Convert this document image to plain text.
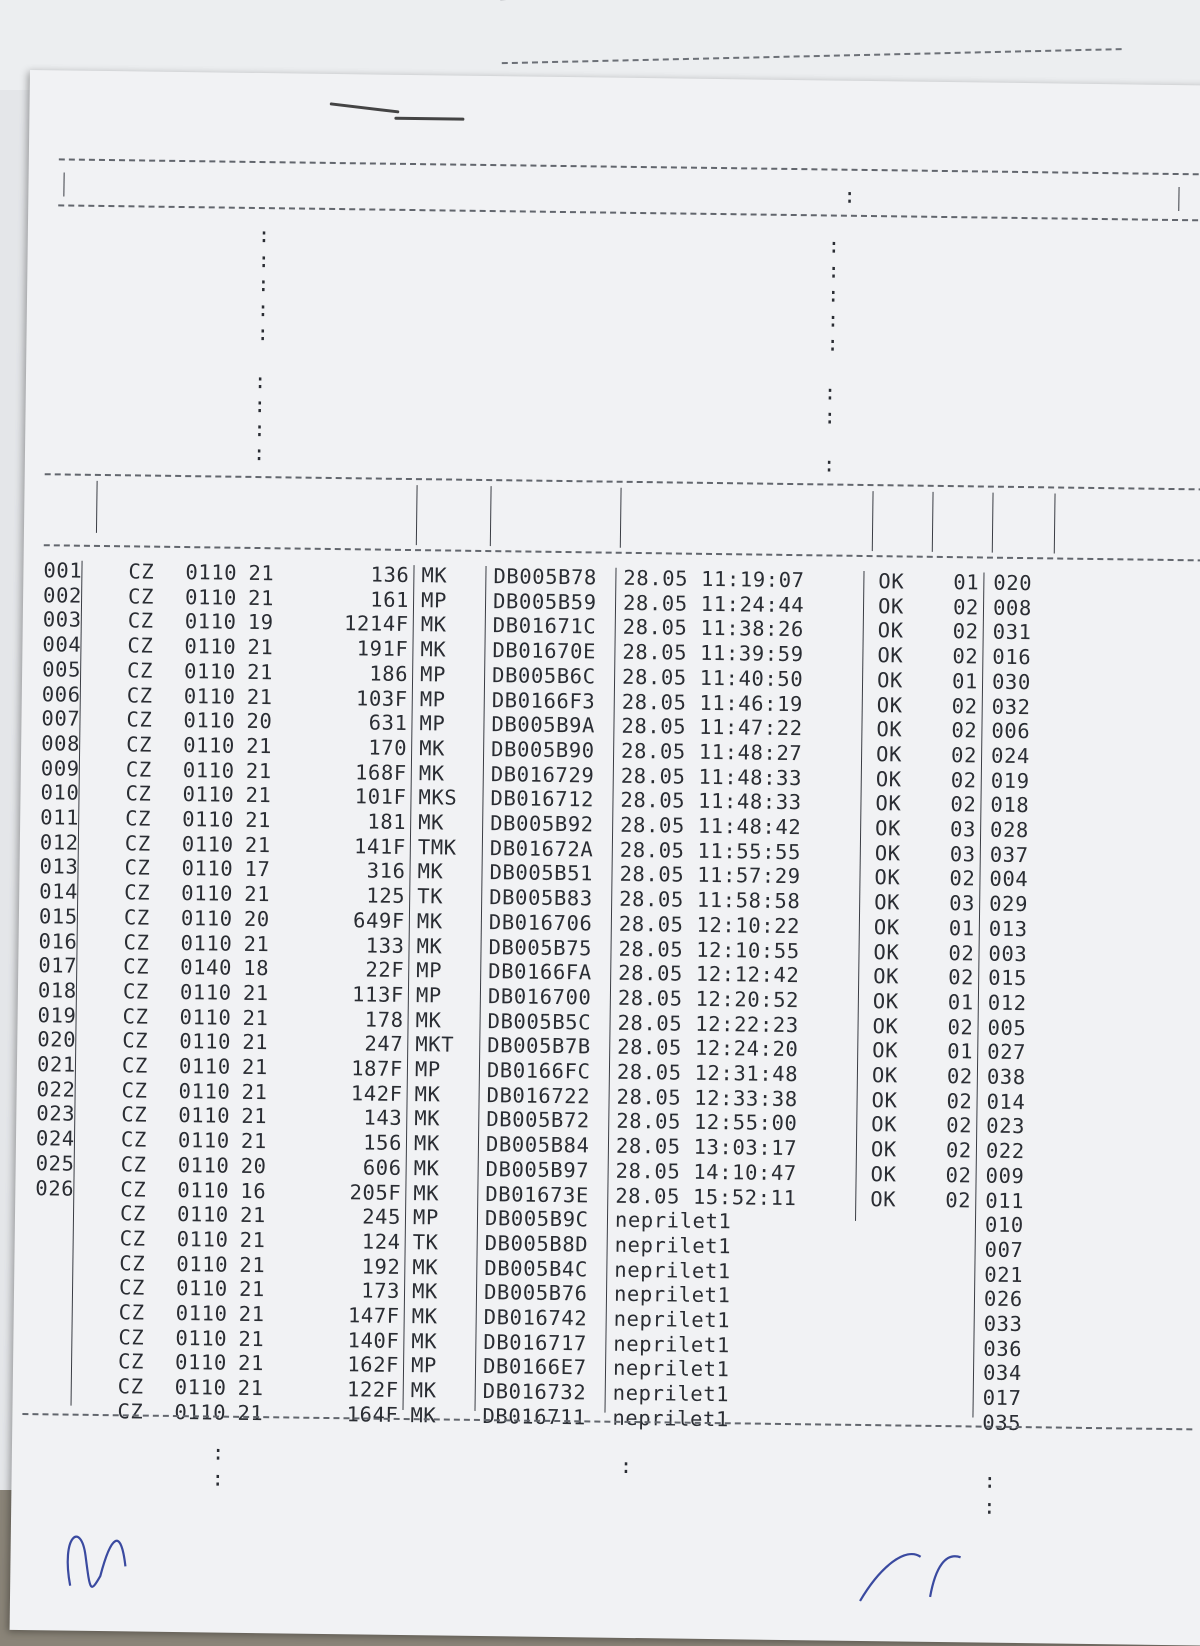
:
:
:
:
:
:
:
:
:
:
:
:
:
:
:
:
:
:
001 CZ 0110 21	136 MK DB005B78 28.05 11:19:07	OK 01 020
002 CZ 0110 21	161 MP DB005B59 28.05 11:24:44	OK 02 008
003 CZ 0110 19	1214F MK DB01671C 28.05 11:38:26	OK 02 031
004 CZ 0110 21	191F MK DB01670E 28.05 11:39:59	OK 02 016
005 CZ 0110 21	186 MP DB005B6C 28.05 11:40:50	OK 01 030
006 CZ 0110 21	103F MP DB0166F3 28.05 11:46:19	OK 02 032
007 CZ 0110 20	631 MP DB005B9A 28.05 11:47:22	OK 02 006
008 CZ 0110 21	170 MK DB005B90 28.05 11:48:27	OK 02 024
009 CZ 0110 21	168F MK DB016729 28.05 11:48:33	OK 02 019
010 CZ 0110 21	101F MKS DB016712 28.05 11:48:33	OK 02 018
011 CZ 0110 21	181 MK DB005B92 28.05 11:48:42	OK 03 028
012 CZ 0110 21	141F TMK DB01672A 28.05 11:55:55	OK 03 037
013 CZ 0110 17	316 MK DB005B51 28.05 11:57:29	OK 02 004
014 CZ 0110 21	125 TK DB005B83 28.05 11:58:58	OK 03 029
015 CZ 0110 20	649F MK DB016706 28.05 12:10:22	OK 01 013
016 CZ 0110 21	133 MK DB005B75 28.05 12:10:55	OK 02 003
017 CZ 0140 18	22F MP DB0166FA 28.05 12:12:42	OK 02 015
018 CZ 0110 21	113F MP DB016700 28.05 12:20:52	OK 01 012
019 CZ 0110 21	178 MK DB005B5C 28.05 12:22:23	OK 02 005
020 CZ 0110 21	247 MKT DB005B7B 28.05 12:24:20	OK 01 027
021 CZ 0110 21	187F MP DB0166FC 28.05 12:31:48	OK 02 038
022 CZ 0110 21	142F MK DB016722 28.05 12:33:38	OK 02 014
023 CZ 0110 21	143 MK DB005B72 28.05 12:55:00	OK 02 023
024 CZ 0110 21	156 MK DB005B84 28.05 13:03:17	OK 02 022
025 CZ 0110 20	606 MK DB005B97 28.05 14:10:47	OK 02 009
026 CZ 0110 16	205F MK DB01673E 28.05 15:52:11	OK 02 011
CZ 0110 21	245 MP DB005B9C neprilet1	010
CZ 0110 21	124 TK DB005B8D neprilet1	007
CZ 0110 21	192 MK DB005B4C neprilet1	021
CZ 0110 21	173 MK DB005B76 neprilet1	026
CZ 0110 21	147F MK DB016742 neprilet1	033
CZ 0110 21	140F MK DB016717 neprilet1	036
CZ 0110 21	162F MP DB0166E7 neprilet1	034
CZ 0110 21	122F MK DB016732 neprilet1	017
CZ 0110 21	164F MK DB016711 neprilet1	035
:
:
:
:
:
